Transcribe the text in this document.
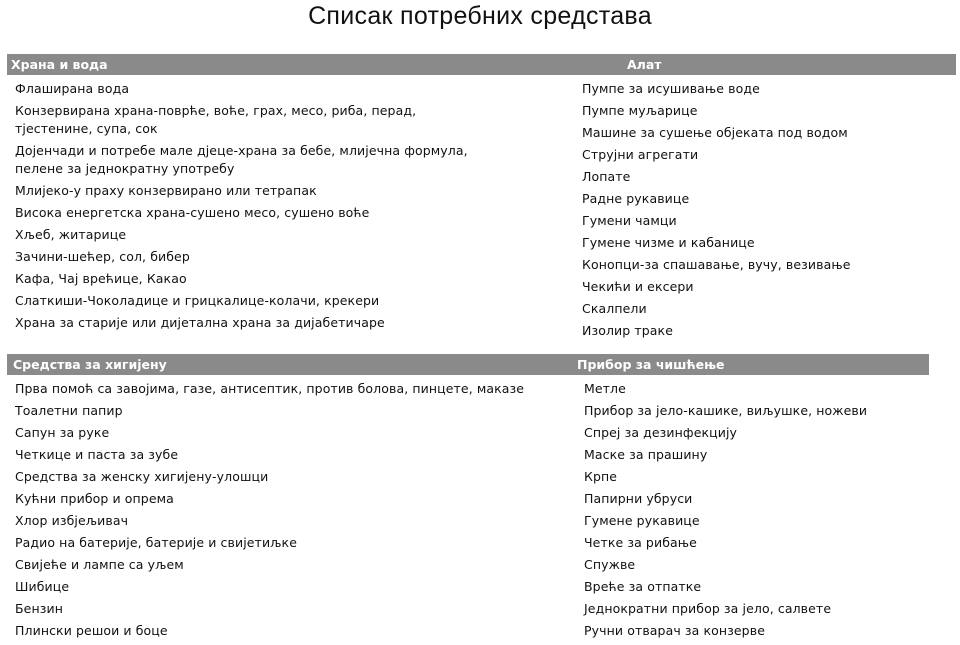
Списак потребних средстава
Храна и вода	Алат
Флаширана вода
Конзервирана храна-поврће, воће, грах, месо, риба, перад,
тјестенине, супа, сок
Дојенчади и потребе мале дјеце-храна за бебе, млијечна формула,
пелене за једнократну употребу
Млијеко-у праху конзервирано или тетрапак
Висока енергетска храна-сушено месо, сушено воће
Хљеб, житарице
Зачини-шећер, сол, бибер
Кафа, Чај врећице, Какао
Слаткиши-Чоколадице и грицкалице-колачи, крекери
Храна за старије или дијетална храна за дијабетичаре
Пумпе за исушивање воде
Пумпе муљарице
Машине за сушење објеката под водом
Струјни агрегати
Лопате
Радне рукавице
Гумени чамци
Гумене чизме и кабанице
Конопци-за спашавање, вучу, везивање
Чекићи и ексери
Скалпели
Изолир траке
Средства за хигијену	Прибор за чишћење
Прва помоћ са завојима, газе, антисептик, против болова, пинцете, маказе
Тоалетни папир
Сапун за руке
Четкице и паста за зубе
Средства за женску хигијену-улошци
Кућни прибор и опрема
Хлор избјељивач
Радио на батерије, батерије и свијетиљке
Свијеће и лампе са уљем
Шибице
Бензин
Плински решои и боце
Метле
Прибор за јело-кашике, виљушке, ножеви
Спреј за дезинфекцију
Маске за прашину
Крпе
Папирни убруси
Гумене рукавице
Четке за рибање
Спужве
Вреће за отпатке
Једнократни прибор за јело, салвете
Ручни отварач за конзерве
